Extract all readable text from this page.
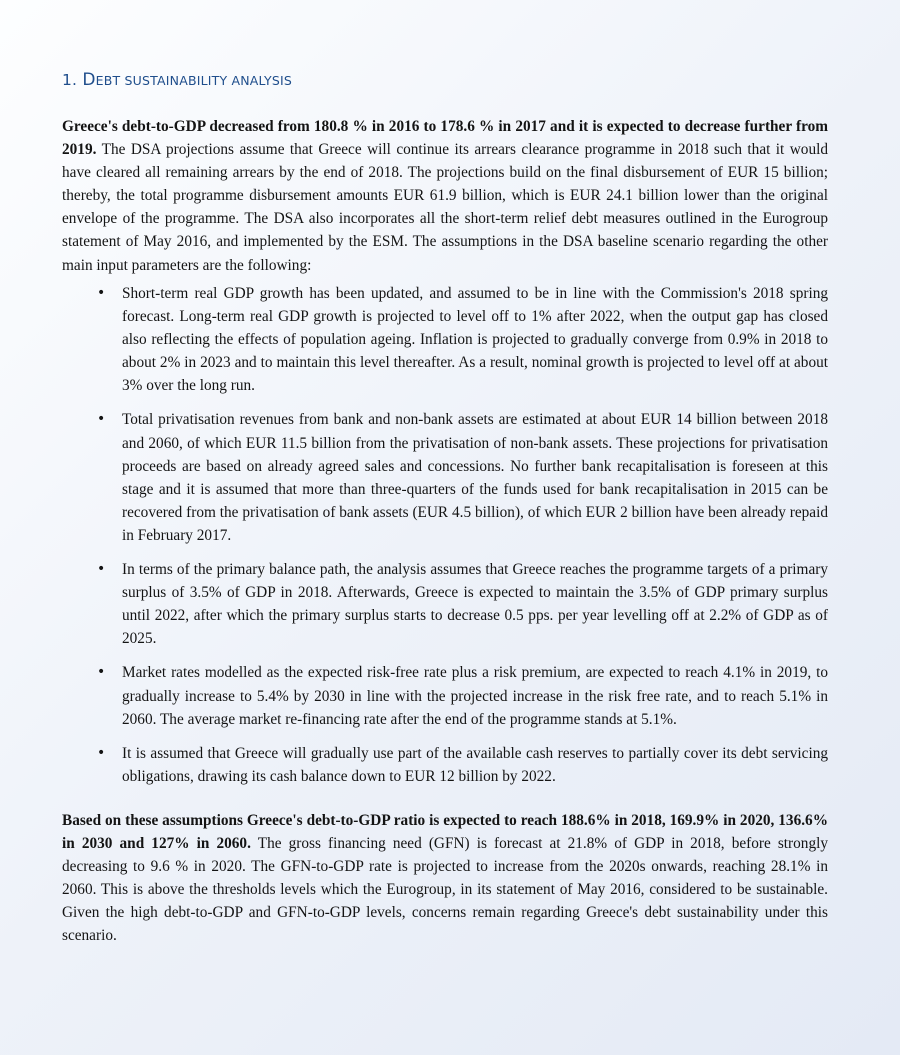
1. DEBT SUSTAINABILITY ANALYSIS

Greece's debt-to-GDP decreased from 180.8 % in 2016 to 178.6 % in 2017 and it is expected to decrease further from 2019. The DSA projections assume that Greece will continue its arrears clearance programme in 2018 such that it would have cleared all remaining arrears by the end of 2018. The projections build on the final disbursement of EUR 15 billion; thereby, the total programme disbursement amounts EUR 61.9 billion, which is EUR 24.1 billion lower than the original envelope of the programme. The DSA also incorporates all the short-term relief debt measures outlined in the Eurogroup statement of May 2016, and implemented by the ESM. The assumptions in the DSA baseline scenario regarding the other main input parameters are the following:

• Short-term real GDP growth has been updated, and assumed to be in line with the Commission's 2018 spring forecast. Long-term real GDP growth is projected to level off to 1% after 2022, when the output gap has closed also reflecting the effects of population ageing. Inflation is projected to gradually converge from 0.9% in 2018 to about 2% in 2023 and to maintain this level thereafter. As a result, nominal growth is projected to level off at about 3% over the long run.
• Total privatisation revenues from bank and non-bank assets are estimated at about EUR 14 billion between 2018 and 2060, of which EUR 11.5 billion from the privatisation of non-bank assets. These projections for privatisation proceeds are based on already agreed sales and concessions. No further bank recapitalisation is foreseen at this stage and it is assumed that more than three-quarters of the funds used for bank recapitalisation in 2015 can be recovered from the privatisation of bank assets (EUR 4.5 billion), of which EUR 2 billion have been already repaid in February 2017.
• In terms of the primary balance path, the analysis assumes that Greece reaches the programme targets of a primary surplus of 3.5% of GDP in 2018. Afterwards, Greece is expected to maintain the 3.5% of GDP primary surplus until 2022, after which the primary surplus starts to decrease 0.5 pps. per year levelling off at 2.2% of GDP as of 2025.
• Market rates modelled as the expected risk-free rate plus a risk premium, are expected to reach 4.1% in 2019, to gradually increase to 5.4% by 2030 in line with the projected increase in the risk free rate, and to reach 5.1% in 2060. The average market re-financing rate after the end of the programme stands at 5.1%.
• It is assumed that Greece will gradually use part of the available cash reserves to partially cover its debt servicing obligations, drawing its cash balance down to EUR 12 billion by 2022.

Based on these assumptions Greece's debt-to-GDP ratio is expected to reach 188.6% in 2018, 169.9% in 2020, 136.6% in 2030 and 127% in 2060. The gross financing need (GFN) is forecast at 21.8% of GDP in 2018, before strongly decreasing to 9.6 % in 2020. The GFN-to-GDP rate is projected to increase from the 2020s onwards, reaching 28.1% in 2060. This is above the thresholds levels which the Eurogroup, in its statement of May 2016, considered to be sustainable. Given the high debt-to-GDP and GFN-to-GDP levels, concerns remain regarding Greece's debt sustainability under this scenario.
